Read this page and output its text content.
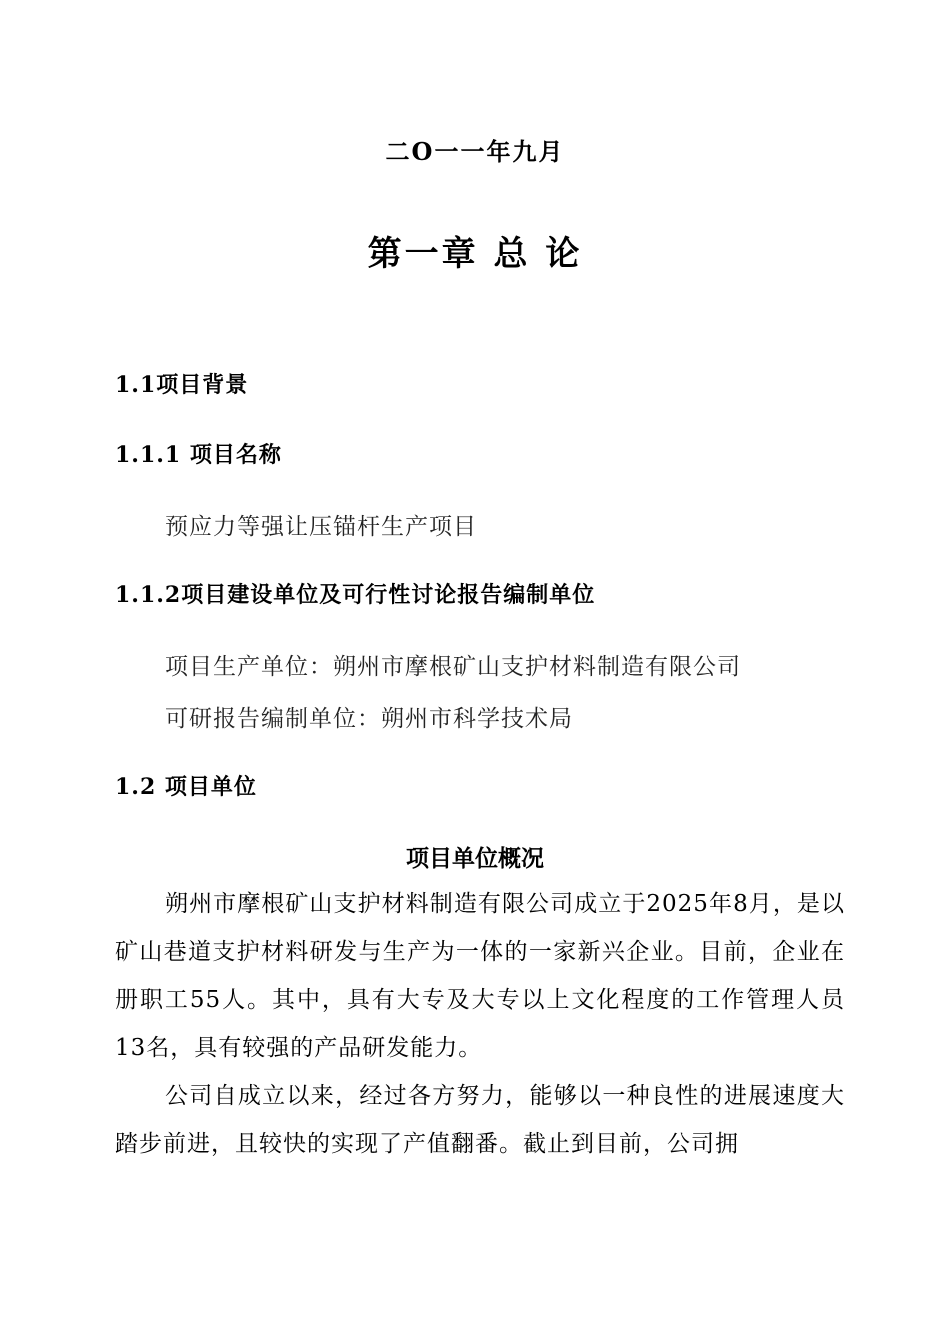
二O一一年九月
第一章 总 论
1.1项目背景
1.1.1 项目名称
预应力等强让压锚杆生产项目
1.1.2项目建设单位及可行性讨论报告编制单位
项目生产单位：朔州市摩根矿山支护材料制造有限公司
可研报告编制单位：朔州市科学技术局
1.2 项目单位
项目单位概况

朔州市摩根矿山支护材料制造有限公司成立于2025年8月，是以矿山巷道支护材料研发与生产为一体的一家新兴企业。目前，企业在册职工55人。其中，具有大专及大专以上文化程度的工作管理人员13名，具有较强的产品研发能力。

公司自成立以来，经过各方努力，能够以一种良性的进展速度大踏步前进，且较快的实现了产值翻番。截止到目前，公司拥
